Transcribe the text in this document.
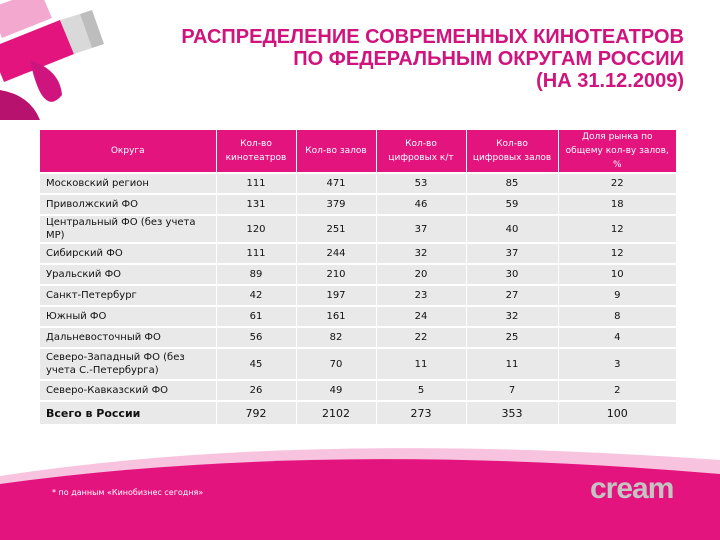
РАСПРЕДЕЛЕНИЕ СОВРЕМЕННЫХ КИНОТЕАТРОВ
ПО ФЕДЕРАЛЬНЫМ ОКРУГАМ РОССИИ
(НА 31.12.2009)
Округа	Кол-во кинотеатров	Кол-во залов	Кол-во цифровых к/т	Кол-во цифровых залов	Доля рынка по общему кол-ву залов, %
Московский регион	111	471	53	85	22
Приволжский ФО	131	379	46	59	18
Центральный ФО (без учета МР)	120	251	37	40	12
Сибирский ФО	111	244	32	37	12
Уральский ФО	89	210	20	30	10
Санкт-Петербург	42	197	23	27	9
Южный ФО	61	161	24	32	8
Дальневосточный ФО	56	82	22	25	4
Северо-Западный ФО (без учета С.-Петербурга)	45	70	11	11	3
Северо-Кавказский ФО	26	49	5	7	2
Всего в России	792	2102	273	353	100
* по данным «Кинобизнес сегодня»	cream
